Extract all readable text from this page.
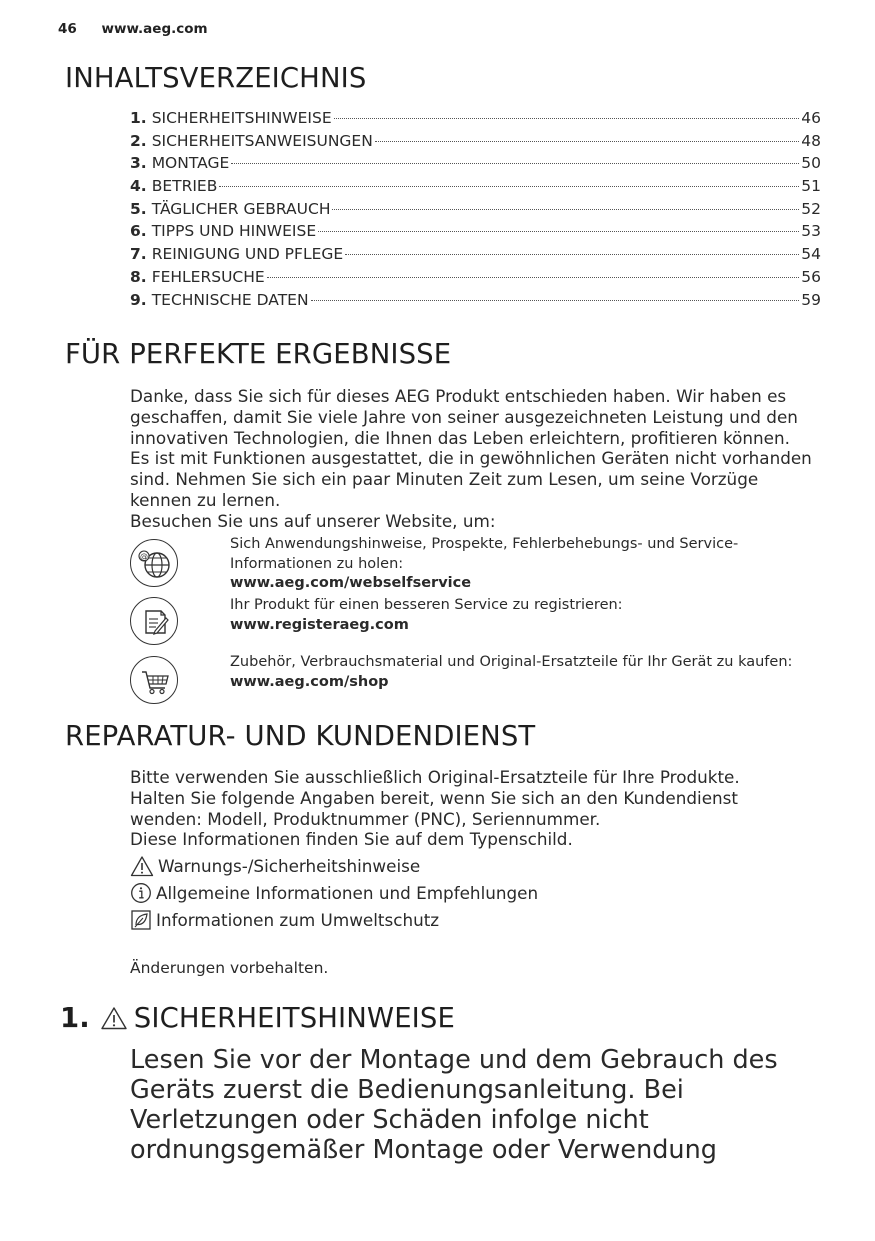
46 www.aeg.com
INHALTSVERZEICHNIS
1. SICHERHEITSHINWEISE	46
2. SICHERHEITSANWEISUNGEN	48
3. MONTAGE	50
4. BETRIEB	51
5. TÄGLICHER GEBRAUCH	52
6. TIPPS UND HINWEISE	53
7. REINIGUNG UND PFLEGE	54
8. FEHLERSUCHE	56
9. TECHNISCHE DATEN	59
FÜR PERFEKTE ERGEBNISSE
Danke, dass Sie sich für dieses AEG Produkt entschieden haben. Wir haben es
geschaffen, damit Sie viele Jahre von seiner ausgezeichneten Leistung und den
innovativen Technologien, die Ihnen das Leben erleichtern, profitieren können.
Es ist mit Funktionen ausgestattet, die in gewöhnlichen Geräten nicht vorhanden
sind. Nehmen Sie sich ein paar Minuten Zeit zum Lesen, um seine Vorzüge
kennen zu lernen.
Besuchen Sie uns auf unserer Website, um:
@
Sich Anwendungshinweise, Prospekte, Fehlerbehebungs- und Service-
Informationen zu holen:
www.aeg.com/webselfservice
Ihr Produkt für einen besseren Service zu registrieren:
www.registeraeg.com
Zubehör, Verbrauchsmaterial und Original-Ersatzteile für Ihr Gerät zu kaufen:
www.aeg.com/shop
REPARATUR- UND KUNDENDIENST
Bitte verwenden Sie ausschließlich Original-Ersatzteile für Ihre Produkte.
Halten Sie folgende Angaben bereit, wenn Sie sich an den Kundendienst
wenden: Modell, Produktnummer (PNC), Seriennummer.
Diese Informationen finden Sie auf dem Typenschild.
Warnungs-/Sicherheitshinweise
Allgemeine Informationen und Empfehlungen
Informationen zum Umweltschutz
Änderungen vorbehalten.
1. SICHERHEITSHINWEISE
Lesen Sie vor der Montage und dem Gebrauch des
Geräts zuerst die Bedienungsanleitung. Bei
Verletzungen oder Schäden infolge nicht
ordnungsgemäßer Montage oder Verwendung
